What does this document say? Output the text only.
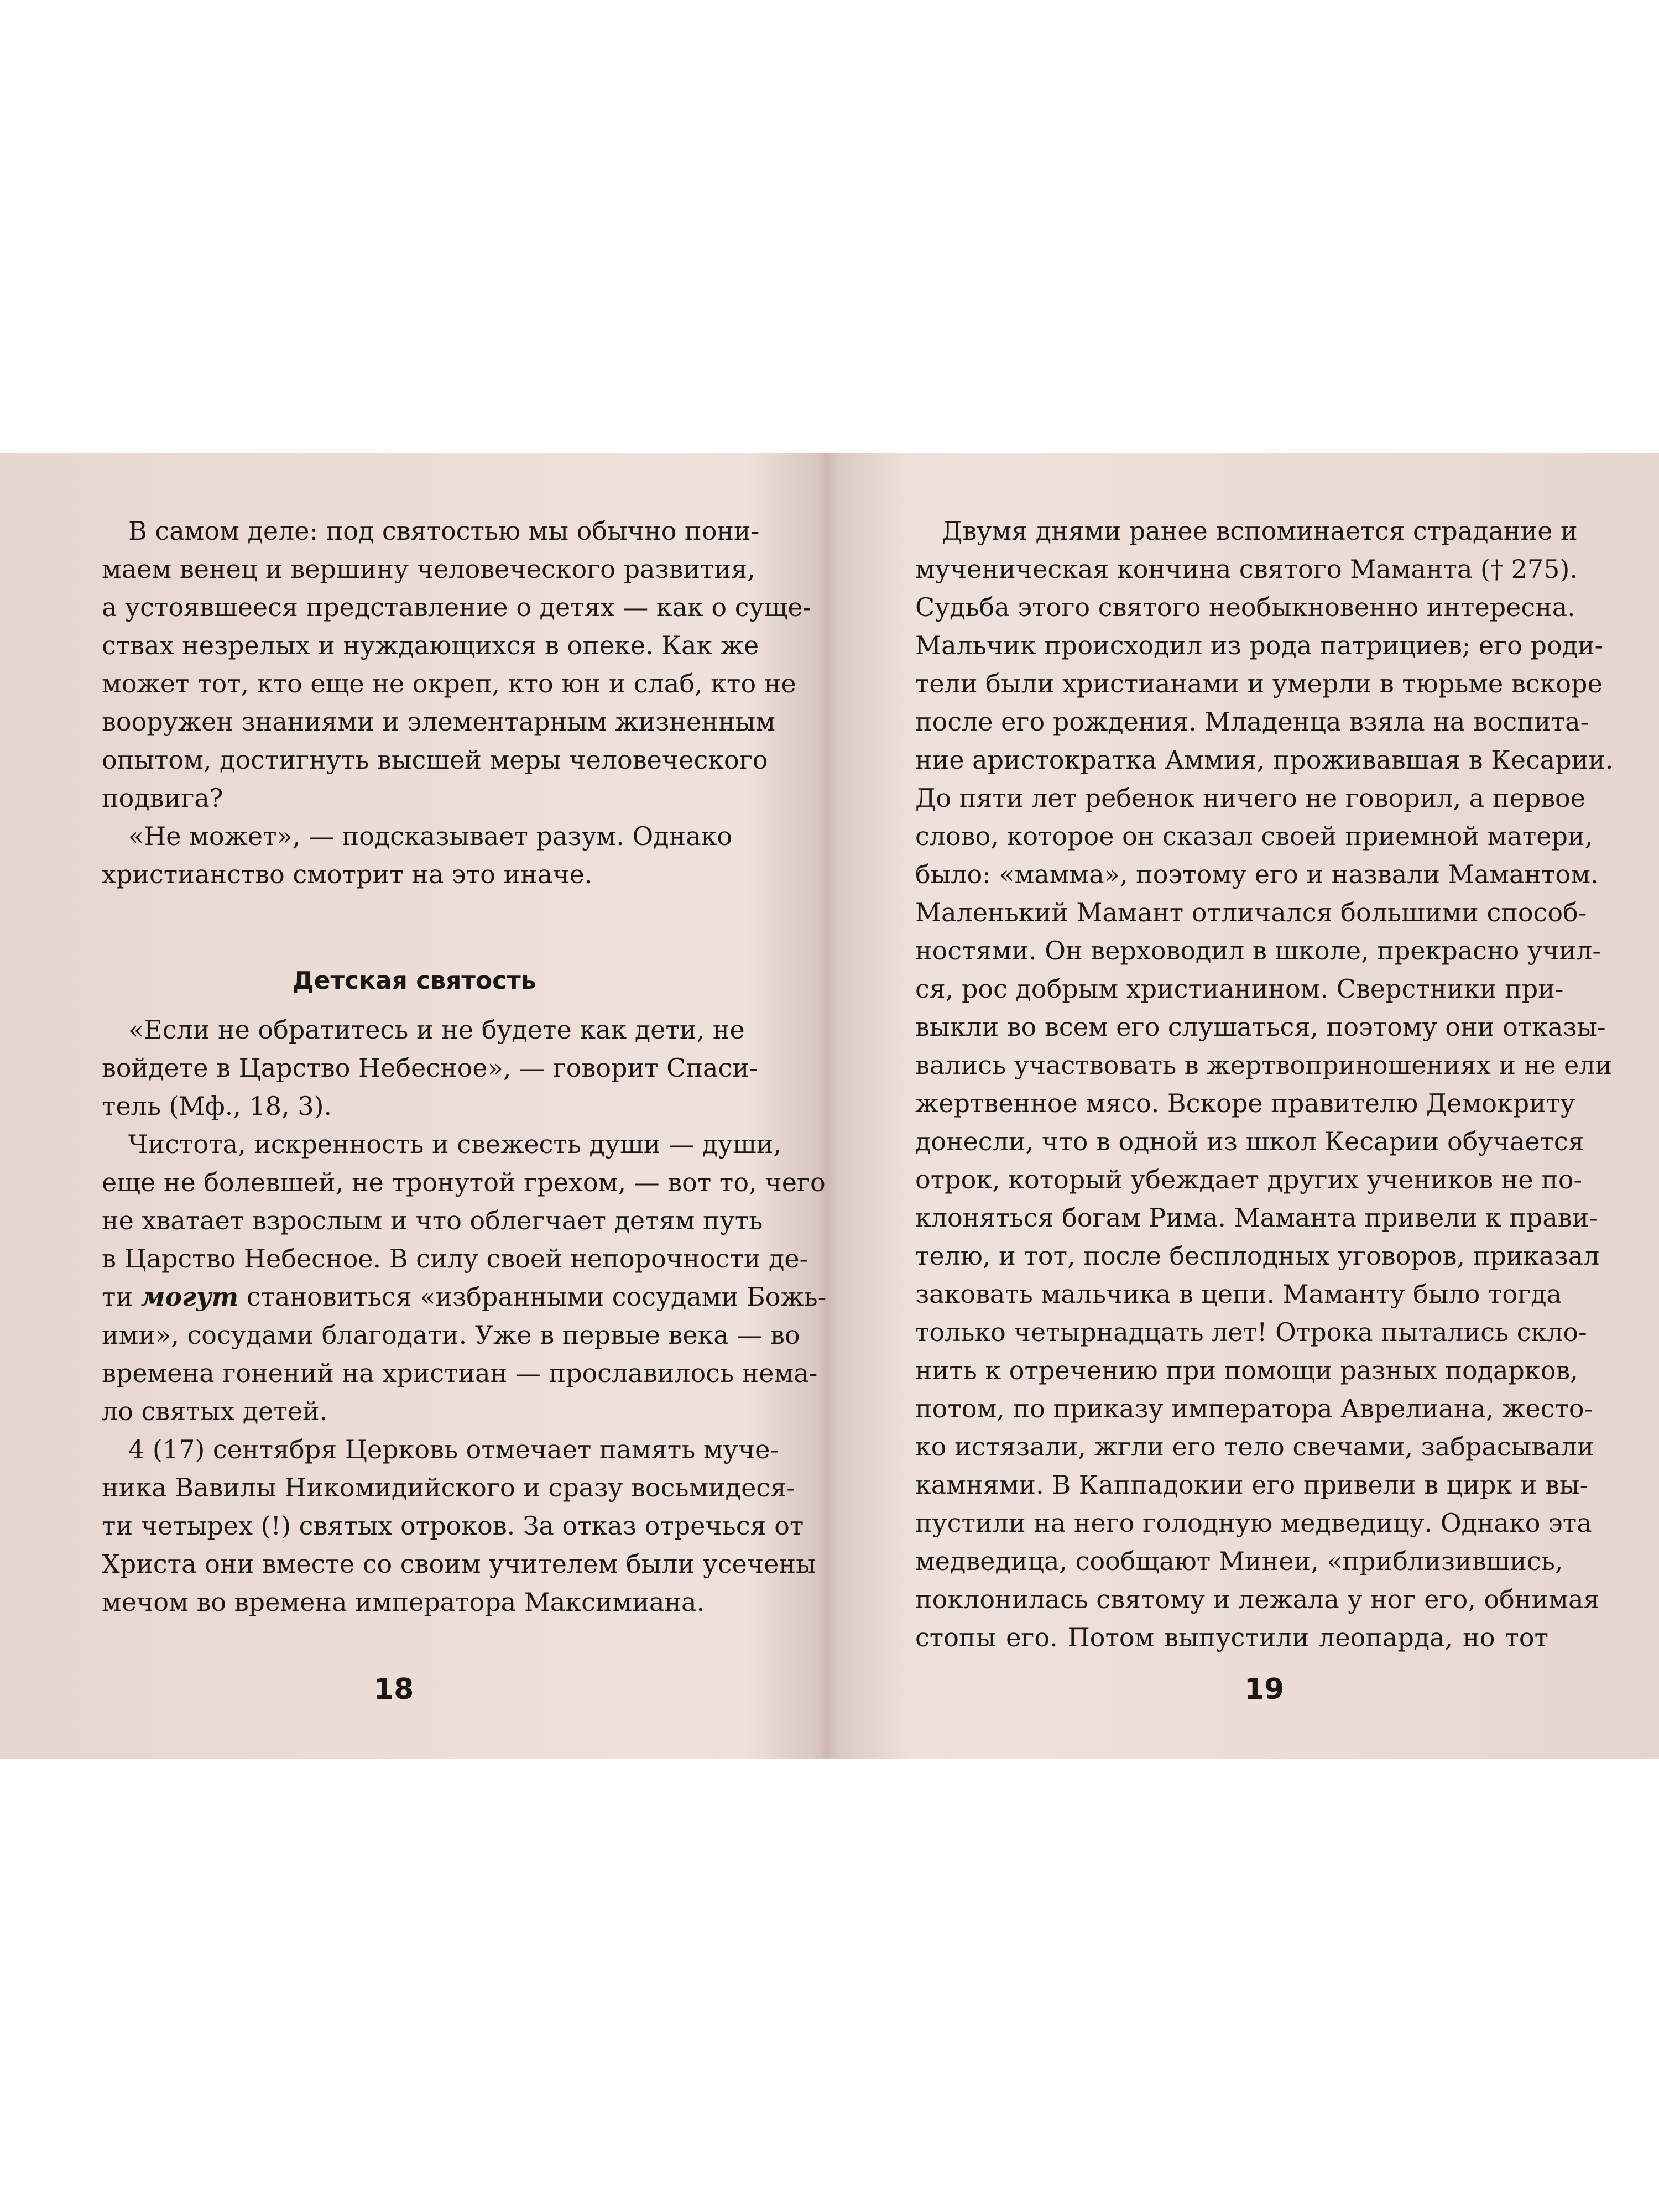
В самом деле: под святостью мы обычно пони-
маем венец и вершину человеческого развития,
а устоявшееся представление о детях — как о суще-
ствах незрелых и нуждающихся в опеке. Как же
может тот, кто еще не окреп, кто юн и слаб, кто не
вооружен знаниями и элементарным жизненным
опытом, достигнуть высшей меры человеческого
подвига?
«Не может», — подсказывает разум. Однако
христианство смотрит на это иначе.
Детская святость
«Если не обратитесь и не будете как дети, не
войдете в Царство Небесное», — говорит Спаси-
тель (Мф., 18, 3).
Чистота, искренность и свежесть души — души,
еще не болевшей, не тронутой грехом, — вот то, чего
не хватает взрослым и что облегчает детям путь
в Царство Небесное. В силу своей непорочности де-
ти могут становиться «избранными сосудами Божь-
ими», сосудами благодати. Уже в первые века — во
времена гонений на христиан — прославилось нема-
ло святых детей.
4 (17) сентября Церковь отмечает память муче-
ника Вавилы Никомидийского и сразу восьмидеся-
ти четырех (!) святых отроков. За отказ отречься от
Христа они вместе со своим учителем были усечены
мечом во времена императора Максимиана.
18
Двумя днями ранее вспоминается страдание и
мученическая кончина святого Маманта († 275).
Судьба этого святого необыкновенно интересна.
Мальчик происходил из рода патрициев; его роди-
тели были христианами и умерли в тюрьме вскоре
после его рождения. Младенца взяла на воспита-
ние аристократка Аммия, проживавшая в Кесарии.
До пяти лет ребенок ничего не говорил, а первое
слово, которое он сказал своей приемной матери,
было: «мамма», поэтому его и назвали Мамантом.
Маленький Мамант отличался большими способ-
ностями. Он верховодил в школе, прекрасно учил-
ся, рос добрым христианином. Сверстники при-
выкли во всем его слушаться, поэтому они отказы-
вались участвовать в жертвоприношениях и не ели
жертвенное мясо. Вскоре правителю Демокриту
донесли, что в одной из школ Кесарии обучается
отрок, который убеждает других учеников не по-
клоняться богам Рима. Маманта привели к прави-
телю, и тот, после бесплодных уговоров, приказал
заковать мальчика в цепи. Маманту было тогда
только четырнадцать лет! Отрока пытались скло-
нить к отречению при помощи разных подарков,
потом, по приказу императора Аврелиана, жесто-
ко истязали, жгли его тело свечами, забрасывали
камнями. В Каппадокии его привели в цирк и вы-
пустили на него голодную медведицу. Однако эта
медведица, сообщают Минеи, «приблизившись,
поклонилась святому и лежала у ног его, обнимая
стопы его. Потом выпустили леопарда, но тот
19
